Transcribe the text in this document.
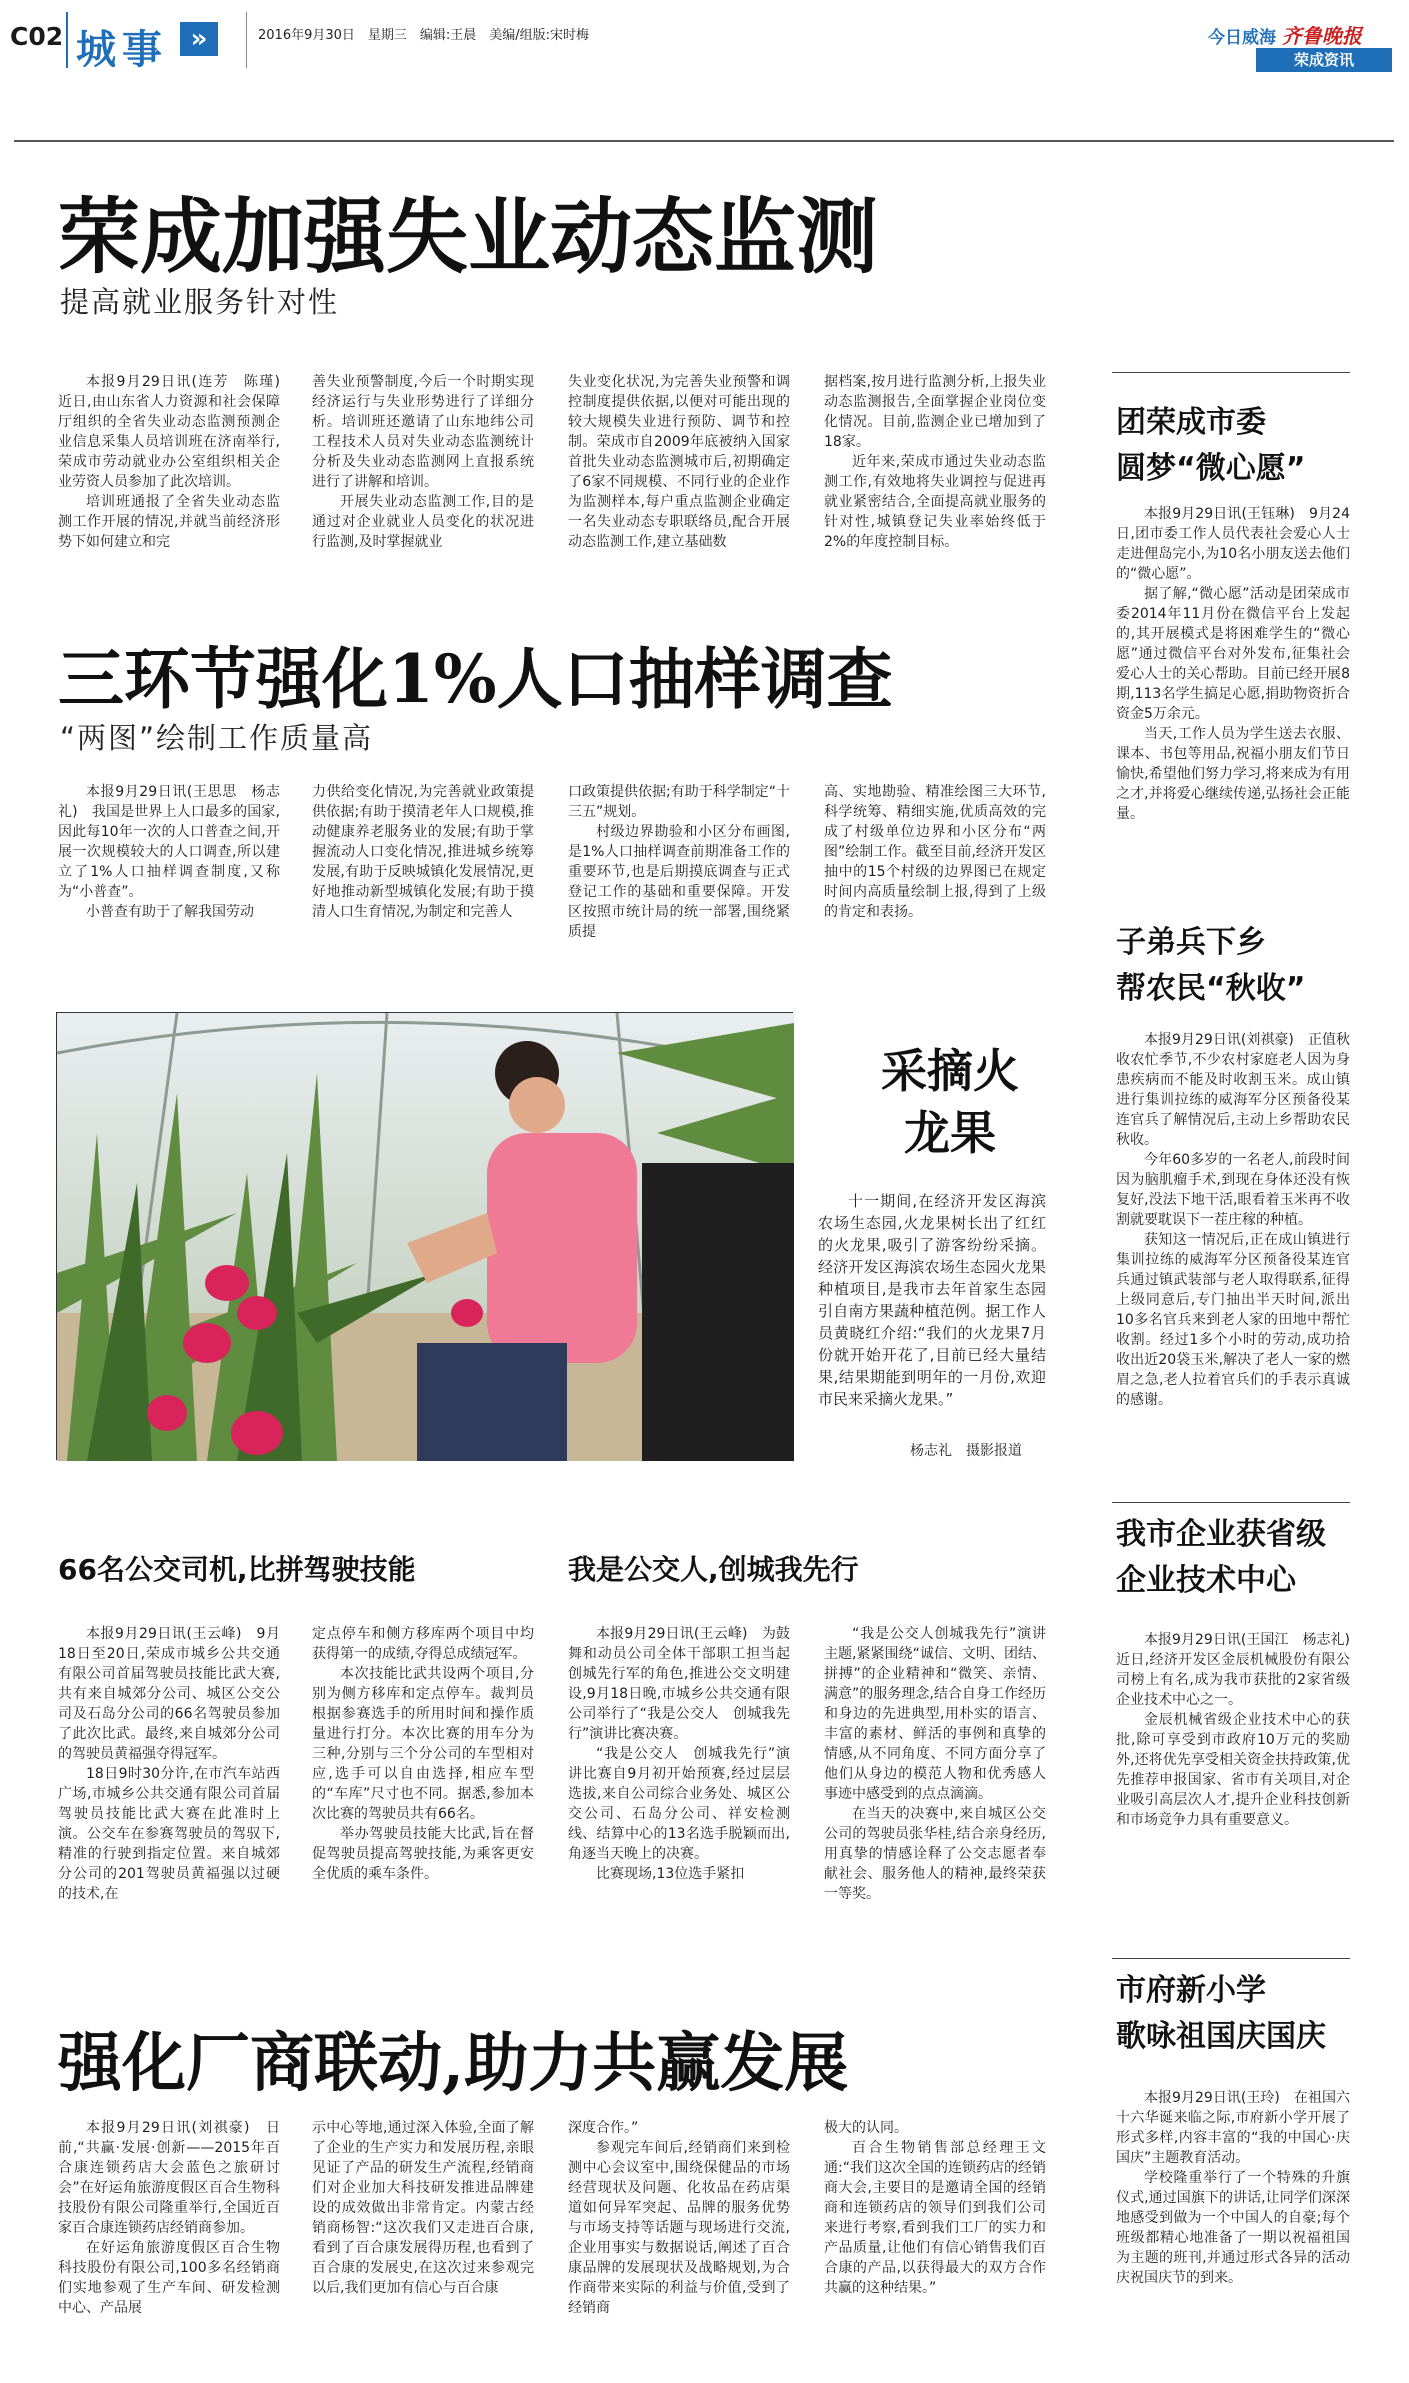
C02 城事 »	2016年9月30日　星期三　编辑:王晨　美编/组版:宋时梅	今日威海 齐鲁晚报
荣成资讯
荣成加强失业动态监测
提高就业服务针对性

本报9月29日讯(连芳　陈瑾)　近日,由山东省人力资源和社会保障厅组织的全省失业动态监测预测企业信息采集人员培训班在济南举行,荣成市劳动就业办公室组织相关企业劳资人员参加了此次培训。

培训班通报了全省失业动态监测工作开展的情况,并就当前经济形势下如何建立和完

善失业预警制度,今后一个时期实现经济运行与失业形势进行了详细分析。培训班还邀请了山东地纬公司工程技术人员对失业动态监测统计分析及失业动态监测网上直报系统进行了讲解和培训。

开展失业动态监测工作,目的是通过对企业就业人员变化的状况进行监测,及时掌握就业

失业变化状况,为完善失业预警和调控制度提供依据,以便对可能出现的较大规模失业进行预防、调节和控制。荣成市自2009年底被纳入国家首批失业动态监测城市后,初期确定了6家不同规模、不同行业的企业作为监测样本,每户重点监测企业确定一名失业动态专职联络员,配合开展动态监测工作,建立基础数

据档案,按月进行监测分析,上报失业动态监测报告,全面掌握企业岗位变化情况。目前,监测企业已增加到了18家。

近年来,荣成市通过失业动态监测工作,有效地将失业调控与促进再就业紧密结合,全面提高就业服务的针对性,城镇登记失业率始终低于2%的年度控制目标。

三环节强化1%人口抽样调查
“两图”绘制工作质量高

本报9月29日讯(王思思　杨志礼)　我国是世界上人口最多的国家,因此每10年一次的人口普查之间,开展一次规模较大的人口调查,所以建立了1%人口抽样调查制度,又称为“小普查”。

小普查有助于了解我国劳动

力供给变化情况,为完善就业政策提供依据;有助于摸清老年人口规模,推动健康养老服务业的发展;有助于掌握流动人口变化情况,推进城乡统筹发展,有助于反映城镇化发展情况,更好地推动新型城镇化发展;有助于摸清人口生育情况,为制定和完善人

口政策提供依据;有助于科学制定“十三五”规划。

村级边界勘验和小区分布画图,是1%人口抽样调查前期准备工作的重要环节,也是后期摸底调查与正式登记工作的基础和重要保障。开发区按照市统计局的统一部署,围绕紧质提

高、实地勘验、精准绘图三大环节,科学统筹、精细实施,优质高效的完成了村级单位边界和小区分布“两图”绘制工作。截至目前,经济开发区抽中的15个村级的边界图已在规定时间内高质量绘制上报,得到了上级的肯定和表扬。

采摘火龙果

十一期间,在经济开发区海滨农场生态园,火龙果树长出了红红的火龙果,吸引了游客纷纷采摘。经济开发区海滨农场生态园火龙果种植项目,是我市去年首家生态园引自南方果蔬种植范例。据工作人员黄晓红介绍:“我们的火龙果7月份就开始开花了,目前已经大量结果,结果期能到明年的一月份,欢迎市民来采摘火龙果。”

杨志礼　摄影报道
66名公交司机,比拼驾驶技能

本报9月29日讯(王云峰)　9月18日至20日,荣成市城乡公共交通有限公司首届驾驶员技能比武大赛,共有来自城郊分公司、城区公交公司及石岛分公司的66名驾驶员参加了此次比武。最终,来自城郊分公司的驾驶员黄福强夺得冠军。

18日9时30分许,在市汽车站西广场,市城乡公共交通有限公司首届驾驶员技能比武大赛在此准时上演。公交车在参赛驾驶员的驾驭下,精准的行驶到指定位置。来自城郊分公司的201驾驶员黄福强以过硬的技术,在

定点停车和侧方移库两个项目中均获得第一的成绩,夺得总成绩冠军。

本次技能比武共设两个项目,分别为侧方移库和定点停车。裁判员根据参赛选手的所用时间和操作质量进行打分。本次比赛的用车分为三种,分别与三个分公司的车型相对应,选手可以自由选择,相应车型的“车库”尺寸也不同。据悉,参加本次比赛的驾驶员共有66名。

举办驾驶员技能大比武,旨在督促驾驶员提高驾驶技能,为乘客更安全优质的乘车条件。

我是公交人,创城我先行

本报9月29日讯(王云峰)　为鼓舞和动员公司全体干部职工担当起创城先行军的角色,推进公交文明建设,9月18日晚,市城乡公共交通有限公司举行了“我是公交人　创城我先行”演讲比赛决赛。

“我是公交人　创城我先行”演讲比赛自9月初开始预赛,经过层层选拔,来自公司综合业务处、城区公交公司、石岛分公司、祥安检测线、结算中心的13名选手脱颖而出,角逐当天晚上的决赛。

比赛现场,13位选手紧扣

“我是公交人创城我先行”演讲主题,紧紧围绕“诚信、文明、团结、拼搏”的企业精神和“微笑、亲情、满意”的服务理念,结合自身工作经历和身边的先进典型,用朴实的语言、丰富的素材、鲜活的事例和真挚的情感,从不同角度、不同方面分享了他们从身边的模范人物和优秀感人事迹中感受到的点点滴滴。

在当天的决赛中,来自城区公交公司的驾驶员张华桂,结合亲身经历,用真挚的情感诠释了公交志愿者奉献社会、服务他人的精神,最终荣获一等奖。

强化厂商联动,助力共赢发展

本报9月29日讯(刘祺豪)　日前,“共赢·发展·创新——2015年百合康连锁药店大会蓝色之旅研讨会”在好运角旅游度假区百合生物科技股份有限公司隆重举行,全国近百家百合康连锁药店经销商参加。

在好运角旅游度假区百合生物科技股份有限公司,100多名经销商们实地参观了生产车间、研发检测中心、产品展

示中心等地,通过深入体验,全面了解了企业的生产实力和发展历程,亲眼见证了产品的研发生产流程,经销商们对企业加大科技研发推进品牌建设的成效做出非常肯定。内蒙古经销商杨智:“这次我们又走进百合康,看到了百合康发展得历程,也看到了百合康的发展史,在这次过来参观完以后,我们更加有信心与百合康

深度合作。”

参观完车间后,经销商们来到检测中心会议室中,围绕保健品的市场经营现状及问题、化妆品在药店渠道如何异军突起、品牌的服务优势与市场支持等话题与现场进行交流,企业用事实与数据说话,阐述了百合康品牌的发展现状及战略规划,为合作商带来实际的利益与价值,受到了经销商

极大的认同。

百合生物销售部总经理王文通:“我们这次全国的连锁药店的经销商大会,主要目的是邀请全国的经销商和连锁药店的领导们到我们公司来进行考察,看到我们工厂的实力和产品质量,让他们有信心销售我们百合康的产品,以获得最大的双方合作共赢的这种结果。”

团荣成市委
圆梦“微心愿”

本报9月29日讯(王钰琳)　9月24日,团市委工作人员代表社会爱心人士走进俚岛完小,为10名小朋友送去他们的“微心愿”。

据了解,“微心愿”活动是团荣成市委2014年11月份在微信平台上发起的,其开展模式是将困难学生的“微心愿”通过微信平台对外发布,征集社会爱心人士的关心帮助。目前已经开展8期,113名学生搞足心愿,捐助物资折合资金5万余元。

当天,工作人员为学生送去衣服、课本、书包等用品,祝福小朋友们节日愉快,希望他们努力学习,将来成为有用之才,并将爱心继续传递,弘扬社会正能量。

子弟兵下乡
帮农民“秋收”

本报9月29日讯(刘祺豪)　正值秋收农忙季节,不少农村家庭老人因为身患疾病而不能及时收割玉米。成山镇进行集训拉练的威海军分区预备役某连官兵了解情况后,主动上乡帮助农民秋收。

今年60多岁的一名老人,前段时间因为脑肌瘤手术,到现在身体还没有恢复好,没法下地干活,眼看着玉米再不收割就要耽误下一茬庄稼的种植。

获知这一情况后,正在成山镇进行集训拉练的威海军分区预备役某连官兵通过镇武装部与老人取得联系,征得上级同意后,专门抽出半天时间,派出10多名官兵来到老人家的田地中帮忙收割。经过1多个小时的劳动,成功拾收出近20袋玉米,解决了老人一家的燃眉之急,老人拉着官兵们的手表示真诚的感谢。

我市企业获省级
企业技术中心

本报9月29日讯(王国江　杨志礼)　近日,经济开发区金辰机械股份有限公司榜上有名,成为我市获批的2家省级企业技术中心之一。

金辰机械省级企业技术中心的获批,除可享受到市政府10万元的奖励外,还将优先享受相关资金扶持政策,优先推荐申报国家、省市有关项目,对企业吸引高层次人才,提升企业科技创新和市场竞争力具有重要意义。

市府新小学
歌咏祖国庆国庆

本报9月29日讯(王玲)　在祖国六十六华诞来临之际,市府新小学开展了形式多样,内容丰富的“我的中国心·庆国庆”主题教育活动。

学校隆重举行了一个特殊的升旗仪式,通过国旗下的讲话,让同学们深深地感受到做为一个中国人的自豪;每个班级都精心地准备了一期以祝福祖国为主题的班刊,并通过形式各异的活动庆祝国庆节的到来。
